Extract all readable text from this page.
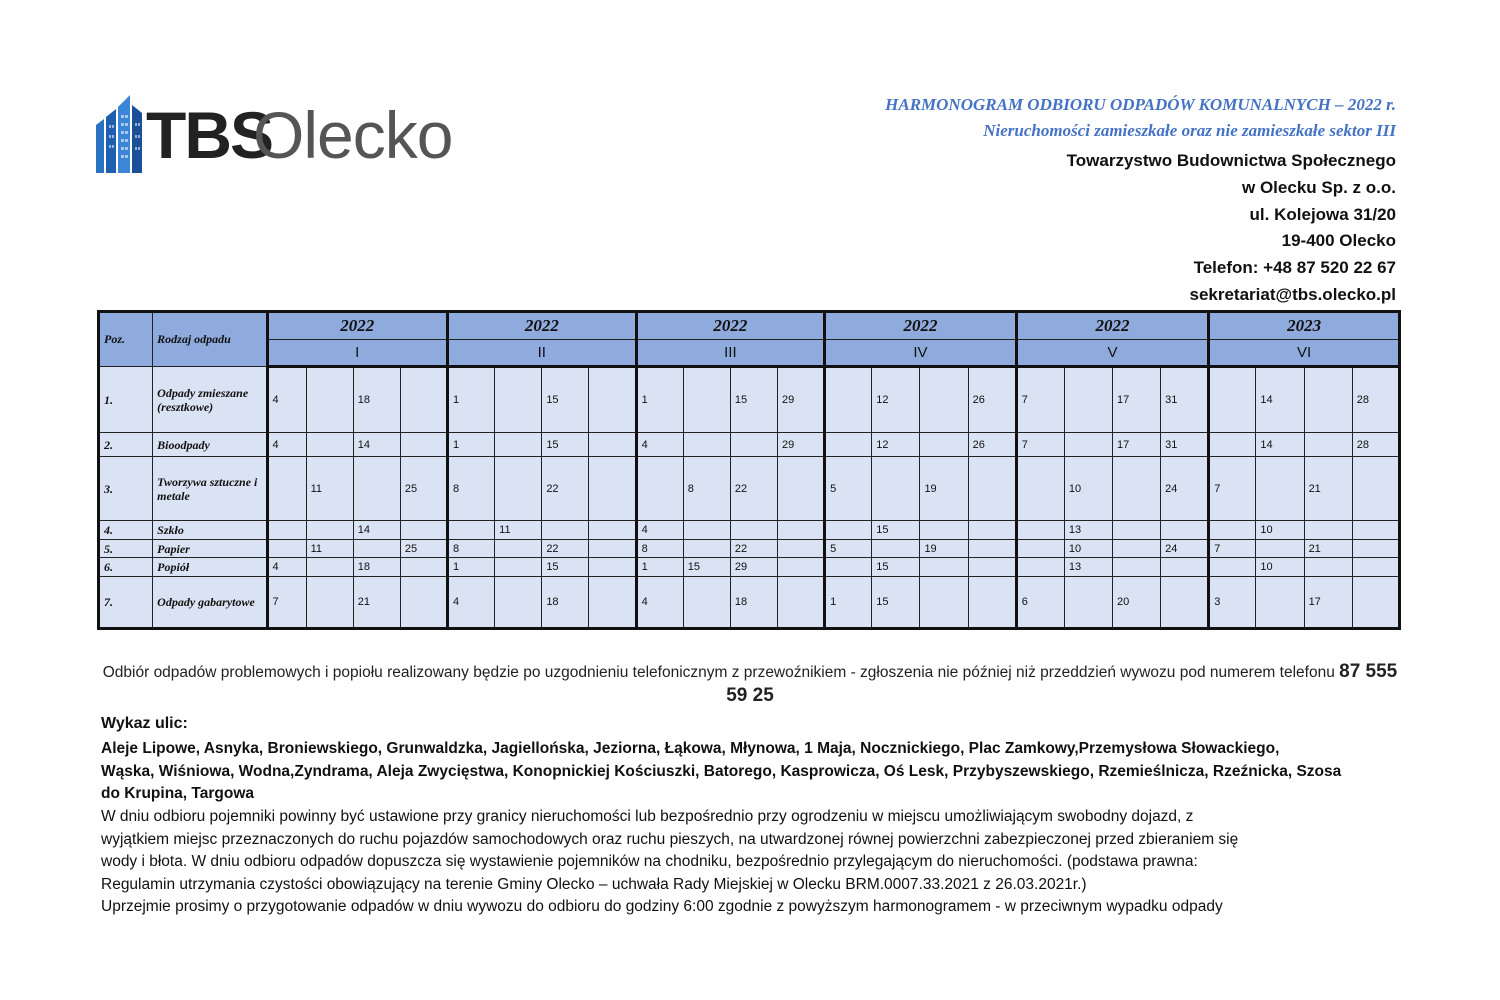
TBS
Olecko	HARMONOGRAM ODBIORU ODPADÓW KOMUNALNYCH – 2022 r.
Nieruchomości zamieszkałe oraz nie zamieszkałe sektor III
Towarzystwo Budownictwa Społecznego
w Olecku Sp. z o.o.
ul. Kolejowa 31/20
19-400 Olecko
Telefon: +48 87 520 22 67
sekretariat@tbs.olecko.pl
Poz.	Rodzaj odpadu	2022				2022				2022				2022				2022				2023			
		I				II				III				IV				V				VI			
1.	Odpady zmieszane (resztkowe)	4		18		1		15		1		15	29		12		26	7		17	31		14		28
2.	Bioodpady	4		14		1		15		4			29		12		26	7		17	31		14		28
3.	Tworzywa sztuczne i metale		11		25	8		22			8	22		5		19			10		24	7		21	
4.	Szkło			14			11			4					15				13				10		
5.	Papier		11		25	8		22		8		22		5		19			10		24	7		21	
6.	Popiół	4		18		1		15		1	15	29			15				13				10		
7.	Odpady gabarytowe	7		21		4		18		4		18		1	15			6		20		3		17	
Odbiór odpadów problemowych i popiołu realizowany będzie po uzgodnieniu telefonicznym z przewoźnikiem - zgłoszenia nie później niż przeddzień wywozu pod numerem telefonu 87 555 59 25
Wykaz ulic:
Aleje Lipowe, Asnyka, Broniewskiego, Grunwaldzka, Jagiellońska, Jeziorna, Łąkowa, Młynowa, 1 Maja, Nocznickiego, Plac Zamkowy,Przemysłowa Słowackiego,
Wąska, Wiśniowa, Wodna,Zyndrama, Aleja Zwycięstwa, Konopnickiej Kościuszki, Batorego, Kasprowicza, Oś Lesk, Przybyszewskiego, Rzemieślnicza, Rzeźnicka, Szosa
do Krupina, Targowa
W dniu odbioru pojemniki powinny być ustawione przy granicy nieruchomości lub bezpośrednio przy ogrodzeniu w miejscu umożliwiającym swobodny dojazd, z
wyjątkiem miejsc przeznaczonych do ruchu pojazdów samochodowych oraz ruchu pieszych, na utwardzonej równej powierzchni zabezpieczonej przed zbieraniem się
wody i błota. W dniu odbioru odpadów dopuszcza się wystawienie pojemników na chodniku, bezpośrednio przylegającym do nieruchomości. (podstawa prawna:
Regulamin utrzymania czystości obowiązujący na terenie Gminy Olecko – uchwała Rady Miejskiej w Olecku BRM.0007.33.2021 z 26.03.2021r.)
Uprzejmie prosimy o przygotowanie odpadów w dniu wywozu do odbioru do godziny 6:00 zgodnie z powyższym harmonogramem - w przeciwnym wypadku odpady
